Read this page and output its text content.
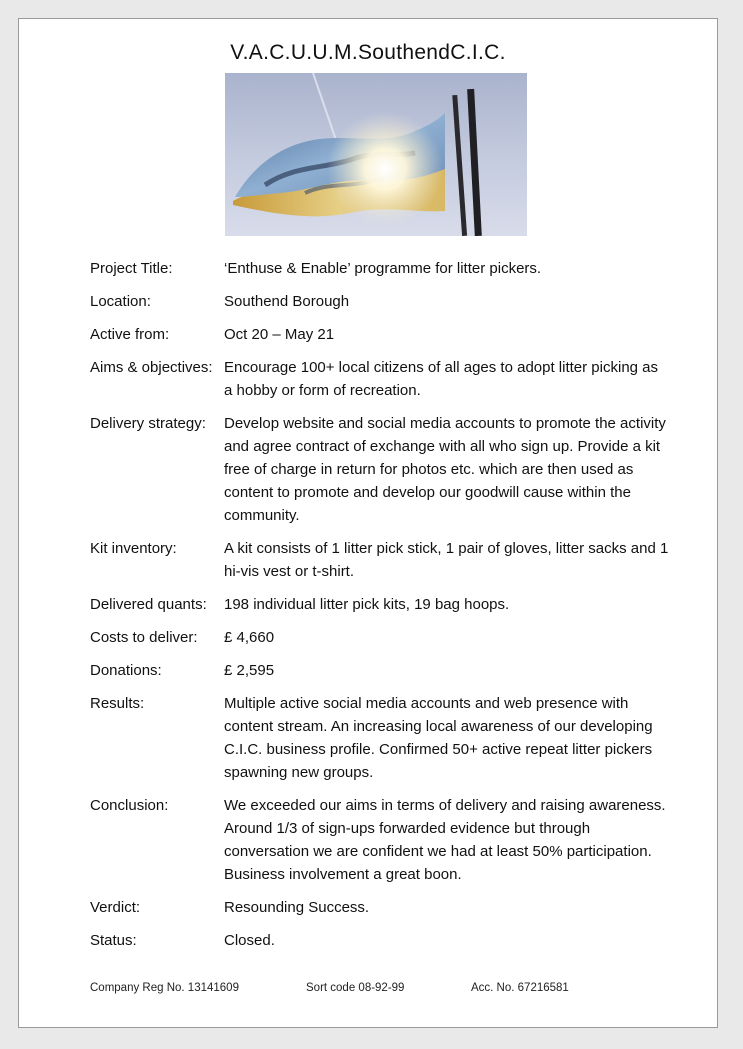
V.A.C.U.U.M.SouthendC.I.C.
Project Title:	‘Enthuse & Enable’ programme for litter pickers.
Location:	Southend Borough
Active from:	Oct 20 – May 21
Aims & objectives: Encourage 100+ local citizens of all ages to adopt litter picking as a hobby or form of recreation.
Delivery strategy:	Develop website and social media accounts to promote the activity and agree contract of exchange with all who sign up. Provide a kit free of charge in return for photos etc. which are then used as content to promote and develop our goodwill cause within the community.
Kit inventory:	A kit consists of 1 litter pick stick, 1 pair of gloves, litter sacks and 1 hi-vis vest or t-shirt.
Delivered quants:	198 individual litter pick kits, 19 bag hoops.
Costs to deliver:	£ 4,660
Donations:	£ 2,595
Results:	Multiple active social media accounts and web presence with content stream. An increasing local awareness of our developing C.I.C. business profile. Confirmed 50+ active repeat litter pickers spawning new groups.
Conclusion:	We exceeded our aims in terms of delivery and raising awareness. Around 1/3 of sign-ups forwarded evidence but through conversation we are confident we had at least 50% participation. Business involvement a great boon.
Verdict:	Resounding Success.
Status:	Closed.
Company Reg No. 13141609	Sort code 08-92-99	Acc. No. 67216581
